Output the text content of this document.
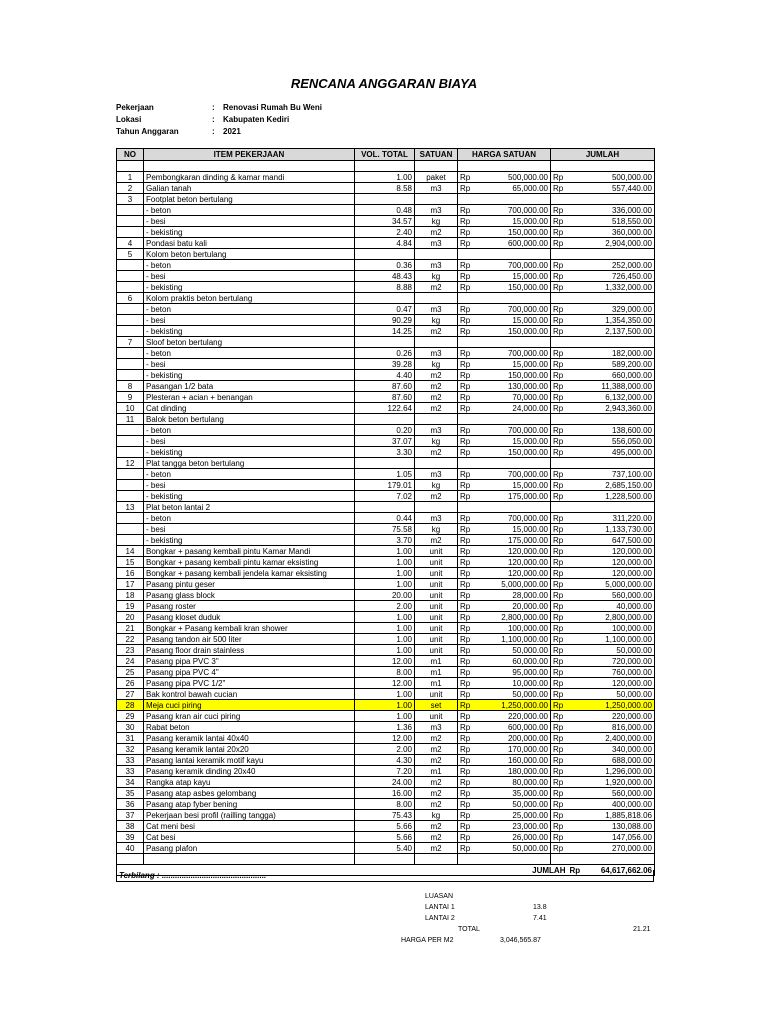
RENCANA ANGGARAN BIAYA
Pekerjaan	: Renovasi Rumah Bu Weni
Lokasi	: Kabupaten Kediri
Tahun Anggaran	: 2021
NO	ITEM PEKERJAAN	VOL. TOTAL	SATUAN	HARGA SATUAN		JUMLAH	

1	Pembongkaran dinding & kamar mandi	1.00	paket	Rp	500,000.00	Rp	500,000.00
2	Galian tanah	8.58	m3	Rp	65,000.00	Rp	557,440.00
3	Footplat beton bertulang						
	- beton	0.48	m3	Rp	700,000.00	Rp	336,000.00
	- besi	34.57	kg	Rp	15,000.00	Rp	518,550.00
	- bekisting	2.40	m2	Rp	150,000.00	Rp	360,000.00
4	Pondasi batu kali	4.84	m3	Rp	600,000.00	Rp	2,904,000.00
5	Kolom beton bertulang						
	- beton	0.36	m3	Rp	700,000.00	Rp	252,000.00
	- besi	48.43	kg	Rp	15,000.00	Rp	726,450.00
	- bekisting	8.88	m2	Rp	150,000.00	Rp	1,332,000.00
6	Kolom praktis beton bertulang						
	- beton	0.47	m3	Rp	700,000.00	Rp	329,000.00
	- besi	90.29	kg	Rp	15,000.00	Rp	1,354,350.00
	- bekisting	14.25	m2	Rp	150,000.00	Rp	2,137,500.00
7	Sloof beton bertulang						
	- beton	0.26	m3	Rp	700,000.00	Rp	182,000.00
	- besi	39.28	kg	Rp	15,000.00	Rp	589,200.00
	- bekisting	4.40	m2	Rp	150,000.00	Rp	660,000.00
8	Pasangan 1/2 bata	87.60	m2	Rp	130,000.00	Rp	11,388,000.00
9	Plesteran + acian + benangan	87.60	m2	Rp	70,000.00	Rp	6,132,000.00
10	Cat dinding	122.64	m2	Rp	24,000.00	Rp	2,943,360.00
11	Balok beton bertulang						
	- beton	0.20	m3	Rp	700,000.00	Rp	138,600.00
	- besi	37.07	kg	Rp	15,000.00	Rp	556,050.00
	- bekisting	3.30	m2	Rp	150,000.00	Rp	495,000.00
12	Plat tangga beton bertulang						
	- beton	1.05	m3	Rp	700,000.00	Rp	737,100.00
	- besi	179.01	kg	Rp	15,000.00	Rp	2,685,150.00
	- bekisting	7.02	m2	Rp	175,000.00	Rp	1,228,500.00
13	Plat beton lantai 2						
	- beton	0.44	m3	Rp	700,000.00	Rp	311,220.00
	- besi	75.58	kg	Rp	15,000.00	Rp	1,133,730.00
	- bekisting	3.70	m2	Rp	175,000.00	Rp	647,500.00
14	Bongkar + pasang kembali pintu Kamar Mandi	1.00	unit	Rp	120,000.00	Rp	120,000.00
15	Bongkar + pasang kembali pintu kamar eksisting	1.00	unit	Rp	120,000.00	Rp	120,000.00
16	Bongkar + pasang kembali jendela kamar eksisting	1.00	unit	Rp	120,000.00	Rp	120,000.00
17	Pasang pintu geser	1.00	unit	Rp	5,000,000.00	Rp	5,000,000.00
18	Pasang glass block	20.00	unit	Rp	28,000.00	Rp	560,000.00
19	Pasang roster	2.00	unit	Rp	20,000.00	Rp	40,000.00
20	Pasang kloset duduk	1.00	unit	Rp	2,800,000.00	Rp	2,800,000.00
21	Bongkar + Pasang kembali kran shower	1.00	unit	Rp	100,000.00	Rp	100,000.00
22	Pasang tandon air 500 liter	1.00	unit	Rp	1,100,000.00	Rp	1,100,000.00
23	Pasang floor drain stainless	1.00	unit	Rp	50,000.00	Rp	50,000.00
24	Pasang pipa PVC 3"	12.00	m1	Rp	60,000.00	Rp	720,000.00
25	Pasang pipa PVC 4"	8.00	m1	Rp	95,000.00	Rp	760,000.00
26	Pasang pipa PVC 1/2"	12.00	m1	Rp	10,000.00	Rp	120,000.00
27	Bak kontrol bawah cucian	1.00	unit	Rp	50,000.00	Rp	50,000.00
28	Meja cuci piring	1.00	set	Rp	1,250,000.00	Rp	1,250,000.00
29	Pasang kran air cuci piring	1.00	unit	Rp	220,000.00	Rp	220,000.00
30	Rabat beton	1.36	m3	Rp	600,000.00	Rp	816,000.00
31	Pasang keramik lantai 40x40	12.00	m2	Rp	200,000.00	Rp	2,400,000.00
32	Pasang keramik lantai 20x20	2.00	m2	Rp	170,000.00	Rp	340,000.00
33	Pasang lantai keramik motif kayu	4.30	m2	Rp	160,000.00	Rp	688,000.00
33	Pasang keramik dinding 20x40	7.20	m1	Rp	180,000.00	Rp	1,296,000.00
34	Rangka atap kayu	24.00	m2	Rp	80,000.00	Rp	1,920,000.00
35	Pasang atap asbes gelombang	16.00	m2	Rp	35,000.00	Rp	560,000.00
36	Pasang atap fyber bening	8.00	m2	Rp	50,000.00	Rp	400,000.00
37	Pekerjaan besi profil (railling tangga)	75.43	kg	Rp	25,000.00	Rp	1,885,818.06
38	Cat meni besi	5.66	m2	Rp	23,000.00	Rp	130,088.00
39	Cat besi	5.66	m2	Rp	26,000.00	Rp	147,056.00
40	Pasang plafon	5.40	m2	Rp	50,000.00	Rp	270,000.00

JUMLAH							Rp 64,617,662.06
Terbilang : ...............................................
LUASAN
LANTAI 1	13.8
LANTAI 2	7.41
TOTAL	21.21
HARGA PER M2	3,046,565.87
